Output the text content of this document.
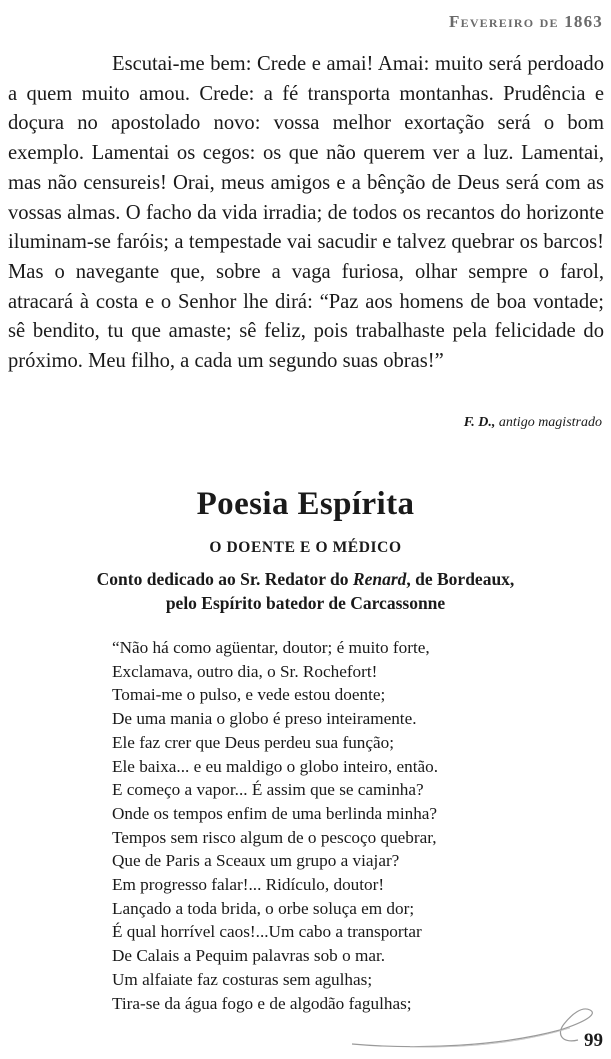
Fevereiro de 1863

Escutai-me bem: Crede e amai! Amai: muito será perdoado a quem muito amou. Crede: a fé transporta montanhas. Prudência e doçura no apostolado novo: vossa melhor exortação será o bom exemplo. Lamentai os cegos: os que não querem ver a luz. Lamentai, mas não censureis! Orai, meus amigos e a bênção de Deus será com as vossas almas. O facho da vida irradia; de todos os recantos do horizonte iluminam-se faróis; a tempestade vai sacudir e talvez quebrar os barcos! Mas o navegante que, sobre a vaga furiosa, olhar sempre o farol, atracará à costa e o Senhor lhe dirá: “Paz aos homens de boa vontade; sê bendito, tu que amaste; sê feliz, pois trabalhaste pela felicidade do próximo. Meu filho, a cada um segundo suas obras!”

F. D., antigo magistrado
Poesia Espírita
O DOENTE E O MÉDICO
Conto dedicado ao Sr. Redator do Renard, de Bordeaux,
pelo Espírito batedor de Carcassonne
“Não há como agüentar, doutor; é muito forte,
Exclamava, outro dia, o Sr. Rochefort!
Tomai-me o pulso, e vede estou doente;
De uma mania o globo é preso inteiramente.
Ele faz crer que Deus perdeu sua função;
Ele baixa... e eu maldigo o globo inteiro, então.
E começo a vapor... É assim que se caminha?
Onde os tempos enfim de uma berlinda minha?
Tempos sem risco algum de o pescoço quebrar,
Que de Paris a Sceaux um grupo a viajar?
Em progresso falar!... Ridículo, doutor!
Lançado a toda brida, o orbe soluça em dor;
É qual horrível caos!...Um cabo a transportar
De Calais a Pequim palavras sob o mar.
Um alfaiate faz costuras sem agulhas;
Tira-se da água fogo e de algodão fagulhas;
99
